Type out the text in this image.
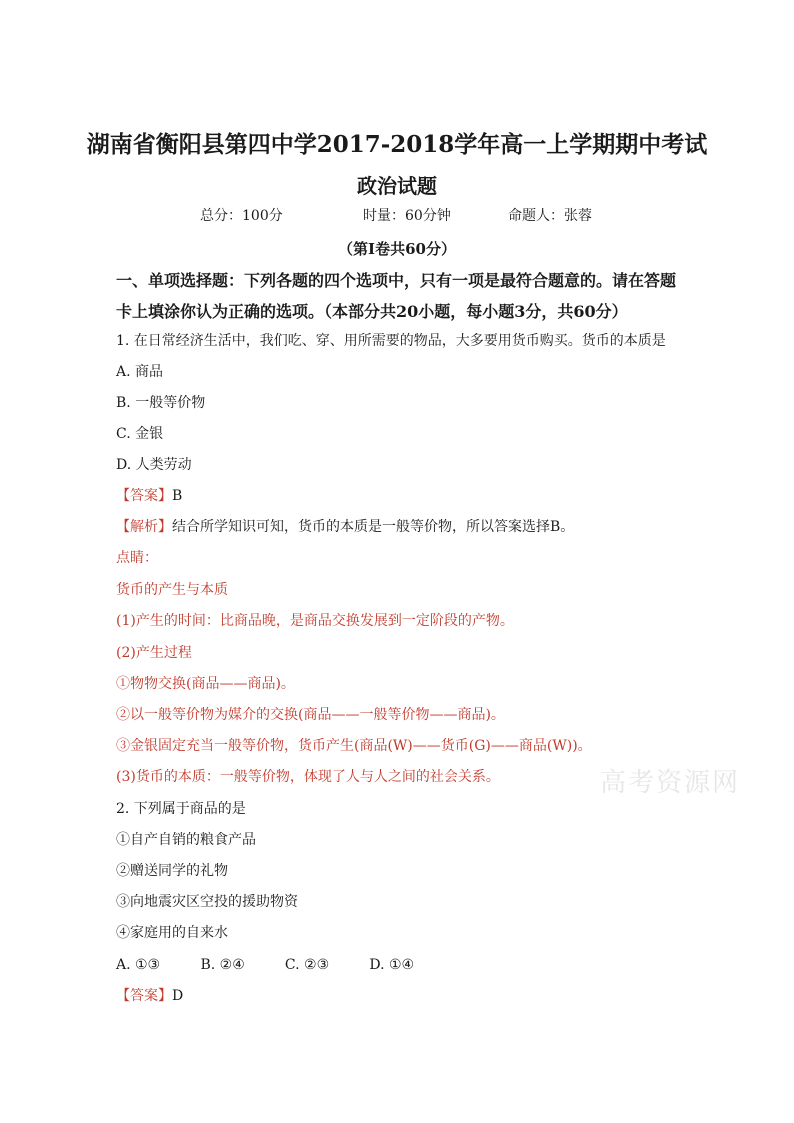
湖南省衡阳县第四中学2017-2018学年高一上学期期中考试
政治试题
总分：100分	时量：60分钟	命题人：张蓉
（第Ⅰ卷共60分）
一、单项选择题：下列各题的四个选项中，只有一项是最符合题意的。请在答题
卡上填涂你认为正确的选项。（本部分共20小题，每小题3分，共60分）
1. 在日常经济生活中，我们吃、穿、用所需要的物品，大多要用货币购买。货币的本质是
A. 商品
B. 一般等价物
C. 金银
D. 人类劳动
【答案】B
【解析】结合所学知识可知，货币的本质是一般等价物，所以答案选择B。
点睛：
货币的产生与本质
(1)产生的时间：比商品晚，是商品交换发展到一定阶段的产物。
(2)产生过程
①物物交换(商品——商品)。
②以一般等价物为媒介的交换(商品——一般等价物——商品)。
③金银固定充当一般等价物，货币产生(商品(W)——货币(G)——商品(W))。
(3)货币的本质：一般等价物，体现了人与人之间的社会关系。	高考资源网
2. 下列属于商品的是
①自产自销的粮食产品
②赠送同学的礼物
③向地震灾区空投的援助物资
④家庭用的自来水
A. ①③	B. ②④	C. ②③	D. ①④
【答案】D
